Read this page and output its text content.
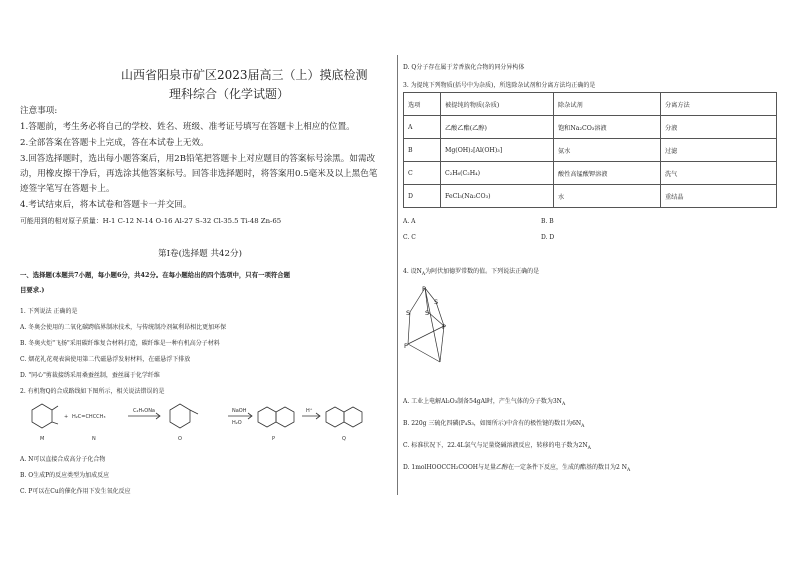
山西省阳泉市矿区2023届高三（上）摸底检测
理科综合（化学试题）
注意事项:
1.答题前，考生务必将自己的学校、姓名、班级、准考证号填写在答题卡上相应的位置。
2.全部答案在答题卡上完成，答在本试卷上无效。
3.回答选择题时，选出每小题答案后，用2B铅笔把答题卡上对应题目的答案标号涂黑。如需改
动，用橡皮擦干净后，再选涂其他答案标号。回答非选择题时，将答案用0.5毫米及以上黑色笔
迹签字笔写在答题卡上。
4.考试结束后，将本试卷和答题卡一并交回。
可能用到的相对原子质量：H-1 C-12 N-14 O-16 Al-27 S-32 Cl-35.5 Ti-48 Zn-65
第Ⅰ卷(选择题 共42分)
一、选择题(本题共7小题，每小题6分，共42分。在每小题给出的四个选项中，只有一项符合题
目要求.)
1. 下列说法 正确的是
A. 冬奥会使用的二氧化碳跨临界制冰技术，与传统制冷剂氟利昂相比更加环保
B. 冬奥火炬"飞扬"采用碳纤维复合材料打造，碳纤维是一种有机高分子材料
C. 烟花礼花观表演使用第二代磁悬浮发射材料，在磁悬浮下排放
D. "同心"剪裁接绣采用桑蚕丝制，蚕丝属于化学纤维
2. 有机物Q的合成路线如下图所示，相关说法错误的是
+ H₂C=CHCCH₃
C₂H₅ONa	NaOH
H₂O
H⁺
M	N	O	P	Q
A. N可以直接合成高分子化合物
B. O生成P的反应类型为加成反应
C. P可以在Cu的催化作用下发生氧化反应
D. Q分子存在属于芳香族化合物的同分异构体
3. 为提纯下列物质(括号中为杂质)，所选除杂试剂和分离方法均正确的是
选项	被提纯的物质(杂质)	除杂试剂	分离方法
A	乙酸乙酯(乙醇)	饱和Na₂CO₃溶液	分液
B	Mg(OH)₂[Al(OH)₃]	氨水	过滤
C	C₂H₆(C₂H₄)	酸性高锰酸钾溶液	洗气
D	FeCl₃(Na₂CO₃)	水	重结晶
A. A	B. B
C. C	D. D
4. 设$N_A$为阿伏加德罗常数的值。下列说法正确的是
P
S
S S
P
P
A. 工业上电解Al₂O₃制备54gAl时，产生气体的分子数为$3N_A$
B. 220g 三硫化四磷(P₄S₃，如图所示)中含有的极性键的数目为$6N_A$
C. 标准状况下，22.4L氯气与足量烧碱溶液反应，转移的电子数为$2N_A$
D. 1molHOOCCH₂COOH与足量乙醇在一定条件下反应，生成的酯基的数目为2 $N_A$
